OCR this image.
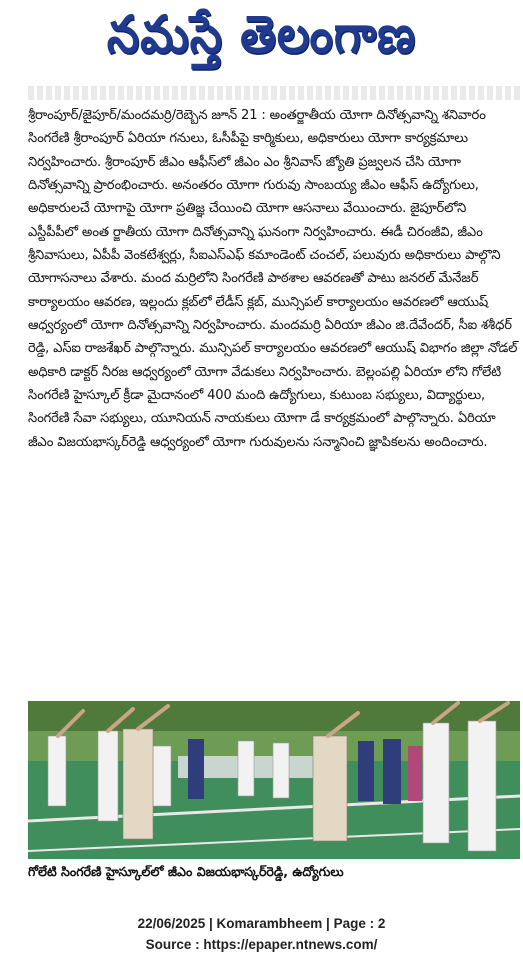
నమస్తే తెలంగాణ

శ్రీరాంపూర్/జైపూర్/మందమర్రి/రెబ్బెన జూన్ 21 : అంతర్జాతీయ యోగా దినోత్సవాన్ని శనివారం సింగరేణి శ్రీరాంపూర్ ఏరియా గనులు, ఓసీపీపై కార్మికులు, అధికారులు యోగా కార్యక్రమాలు నిర్వహించారు. శ్రీరాంపూర్ జీఎం ఆఫీస్‌లో జీఎం ఎం శ్రీనివాస్ జ్యోతి ప్రజ్వలన చేసి యోగా దినోత్సవాన్ని ప్రారంభించారు. అనంతరం యోగా గురువు సాంబయ్య జీఎం ఆఫీస్ ఉద్యోగులు, అధికారులచే యోగాపై యోగా ప్రతిజ్ఞ చేయించి యోగా ఆసనాలు వేయించారు. జైపూర్‌లోని ఎస్టీపీపీలో అంత ర్జాతీయ యోగా దినోత్సవాన్ని ఘనంగా నిర్వహించారు. ఈడీ చిరంజీవి, జీఎం శ్రీనివాసులు, ఏపీపీ వెంకటేశ్వర్లు, సీఐఎస్ఎఫ్ కమాండెంట్ చంచల్, పలువురు అధికారులు పాల్గొని యోగాసనాలు వేశారు. మంద మర్రిలోని సింగరేణి పాఠశాల ఆవరణతో పాటు జనరల్ మేనేజర్ కార్యాలయం ఆవరణ, ఇల్లందు క్లబ్‌లో లేడీస్ క్లబ్, మున్సిపల్ కార్యాలయం ఆవరణలో ఆయుష్ ఆధ్వర్యంలో యోగా దినోత్సవాన్ని నిర్వహించారు. మందమర్రి ఏరియా జీఎం జి.దేవేందర్, సీఐ శశీధర్ రెడ్డి, ఎస్ఐ రాజశేఖర్ పాల్గొన్నారు. మున్సిపల్ కార్యాలయం ఆవరణలో ఆయుష్ విభాగం జిల్లా నోడల్ అధికారి డాక్టర్ నీరజ ఆధ్వర్యంలో యోగా వేడుకలు నిర్వహించారు. బెల్లంపల్లి ఏరియా లోని గోలేటి సింగరేణి హైస్కూల్ క్రీడా మైదానంలో 400 మంది ఉద్యోగులు, కుటుంబ సభ్యులు, విద్యార్థులు, సింగరేణి సేవా సభ్యులు, యూనియన్ నాయకులు యోగా డే కార్యక్రమంలో పాల్గొన్నారు. ఏరియా జీఎం విజయభాస్కర్‌రెడ్డి ఆధ్వర్యంలో యోగా గురువులను సన్మానించి జ్ఞాపికలను అందించారు.

గోలేటి సింగరేణి హైస్కూల్‌లో జీఎం విజయభాస్కర్‌రెడ్డి, ఉద్యోగులు
22/06/2025 | Komarambheem | Page : 2
Source : https://epaper.ntnews.com/
